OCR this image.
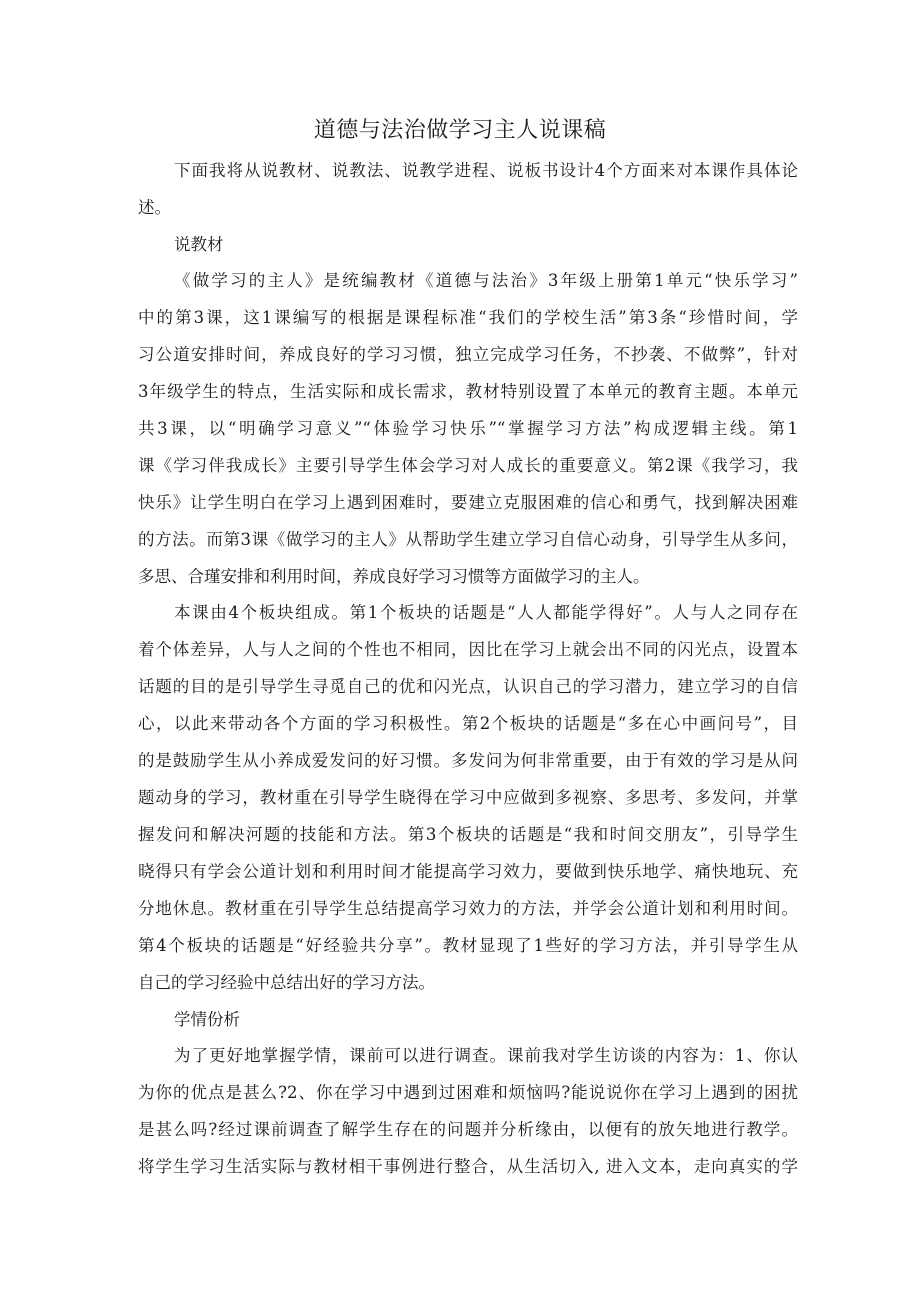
道德与法治做学习主人说课稿
下面我将从说教材、说教法、说教学进程、说板书设计4个方面来对本课作具体论
述。
说教材
《做学习的主人》是统编教材《道德与法治》3年级上册第1单元“快乐学习”
中的第3课，这1课编写的根据是课程标准“我们的学校生活”第3条“珍惜时间，学
习公道安排时间，养成良好的学习习惯，独立完成学习任务，不抄袭、不做弊”，针对
3年级学生的特点，生活实际和成长需求，教材特别设置了本单元的教育主题。本单元
共3课，以“明确学习意义”“体验学习快乐”“掌握学习方法”构成逻辑主线。第1
课《学习伴我成长》主要引导学生体会学习对人成长的重要意义。第2课《我学习，我
快乐》让学生明白在学习上遇到困难时，要建立克服困难的信心和勇气，找到解决困难
的方法。而第3课《做学习的主人》从帮助学生建立学习自信心动身，引导学生从多问，
多思、合瑾安排和利用时间，养成良好学习习惯等方面做学习的主人。
本课由4个板块组成。第1个板块的话题是“人人都能学得好”。人与人之同存在
着个体差异，人与人之间的个性也不相同，因比在学习上就会出不同的闪光点，设置本
话题的目的是引导学生寻觅自己的优和闪光点，认识自己的学习潜力，建立学习的自信
心，以此来带动各个方面的学习积极性。第2个板块的话题是“多在心中画问号”，目
的是鼓励学生从小养成爱发问的好习惯。多发问为何非常重要，由于有效的学习是从问
题动身的学习，教材重在引导学生晓得在学习中应做到多视察、多思考、多发问，并掌
握发问和解决河题的技能和方法。第3个板块的话题是“我和时间交朋友”，引导学生
晓得只有学会公道计划和利用时间才能提高学习效力，要做到快乐地学、痛快地玩、充
分地休息。教材重在引导学生总结提高学习效力的方法，并学会公道计划和利用时间。
第4个板块的话题是“好经验共分享”。教材显现了1些好的学习方法，并引导学生从
自己的学习经验中总结出好的学习方法。
学情份析
为了更好地掌握学情，课前可以进行调查。课前我对学生访谈的内容为：1、你认
为你的优点是甚么?2、你在学习中遇到过困难和烦恼吗?能说说你在学习上遇到的困扰
是甚么吗?经过课前调查了解学生存在的问题并分析缘由，以便有的放矢地进行教学。
将学生学习生活实际与教材相干事例进行整合，从生活切入, 进入文本，走向真实的学
